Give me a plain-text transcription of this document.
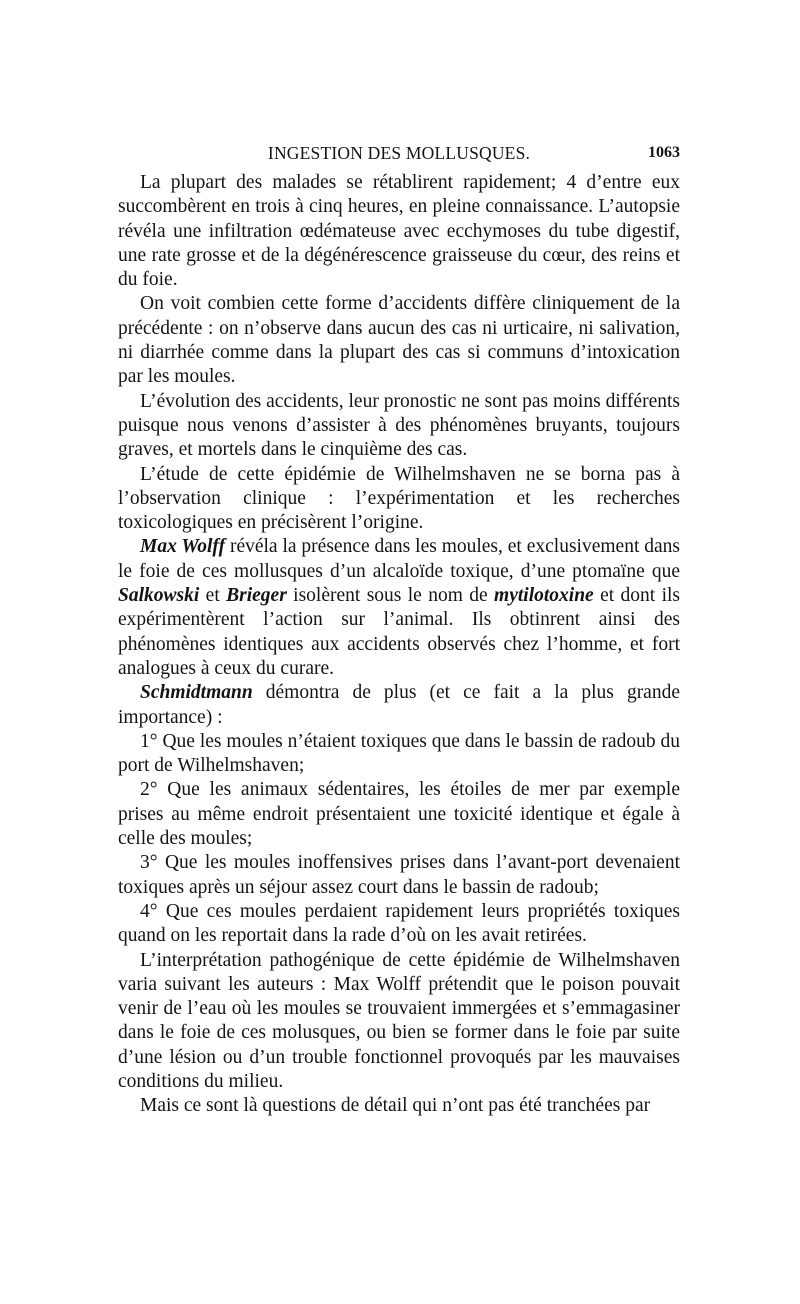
INGESTION DES MOLLUSQUES.	1063

La plupart des malades se rétablirent rapidement; 4 d’entre eux succombèrent en trois à cinq heures, en pleine connaissance. L’autopsie révéla une infiltration œdémateuse avec ecchymoses du tube digestif, une rate grosse et de la dégénérescence graisseuse du cœur, des reins et du foie.

On voit combien cette forme d’accidents diffère cliniquement de la précédente : on n’observe dans aucun des cas ni urticaire, ni salivation, ni diarrhée comme dans la plupart des cas si communs d’intoxication par les moules.

L’évolution des accidents, leur pronostic ne sont pas moins différents puisque nous venons d’assister à des phénomènes bruyants, toujours graves, et mortels dans le cinquième des cas.

L’étude de cette épidémie de Wilhelmshaven ne se borna pas à l’observation clinique : l’expérimentation et les recherches toxicologiques en précisèrent l’origine.

Max Wolff révéla la présence dans les moules, et exclusivement dans le foie de ces mollusques d’un alcaloïde toxique, d’une ptomaïne que Salkowski et Brieger isolèrent sous le nom de mytilotoxine et dont ils expérimentèrent l’action sur l’animal. Ils obtinrent ainsi des phénomènes identiques aux accidents observés chez l’homme, et fort analogues à ceux du curare.

Schmidtmann démontra de plus (et ce fait a la plus grande importance) :

1° Que les moules n’étaient toxiques que dans le bassin de radoub du port de Wilhelmshaven;

2° Que les animaux sédentaires, les étoiles de mer par exemple prises au même endroit présentaient une toxicité identique et égale à celle des moules;

3° Que les moules inoffensives prises dans l’avant-port devenaient toxiques après un séjour assez court dans le bassin de radoub;

4° Que ces moules perdaient rapidement leurs propriétés toxiques quand on les reportait dans la rade d’où on les avait retirées.

L’interprétation pathogénique de cette épidémie de Wilhelmshaven varia suivant les auteurs : Max Wolff prétendit que le poison pouvait venir de l’eau où les moules se trouvaient immergées et s’emmagasiner dans le foie de ces molusques, ou bien se former dans le foie par suite d’une lésion ou d’un trouble fonctionnel provoqués par les mauvaises conditions du milieu.

Mais ce sont là questions de détail qui n’ont pas été tranchées par
